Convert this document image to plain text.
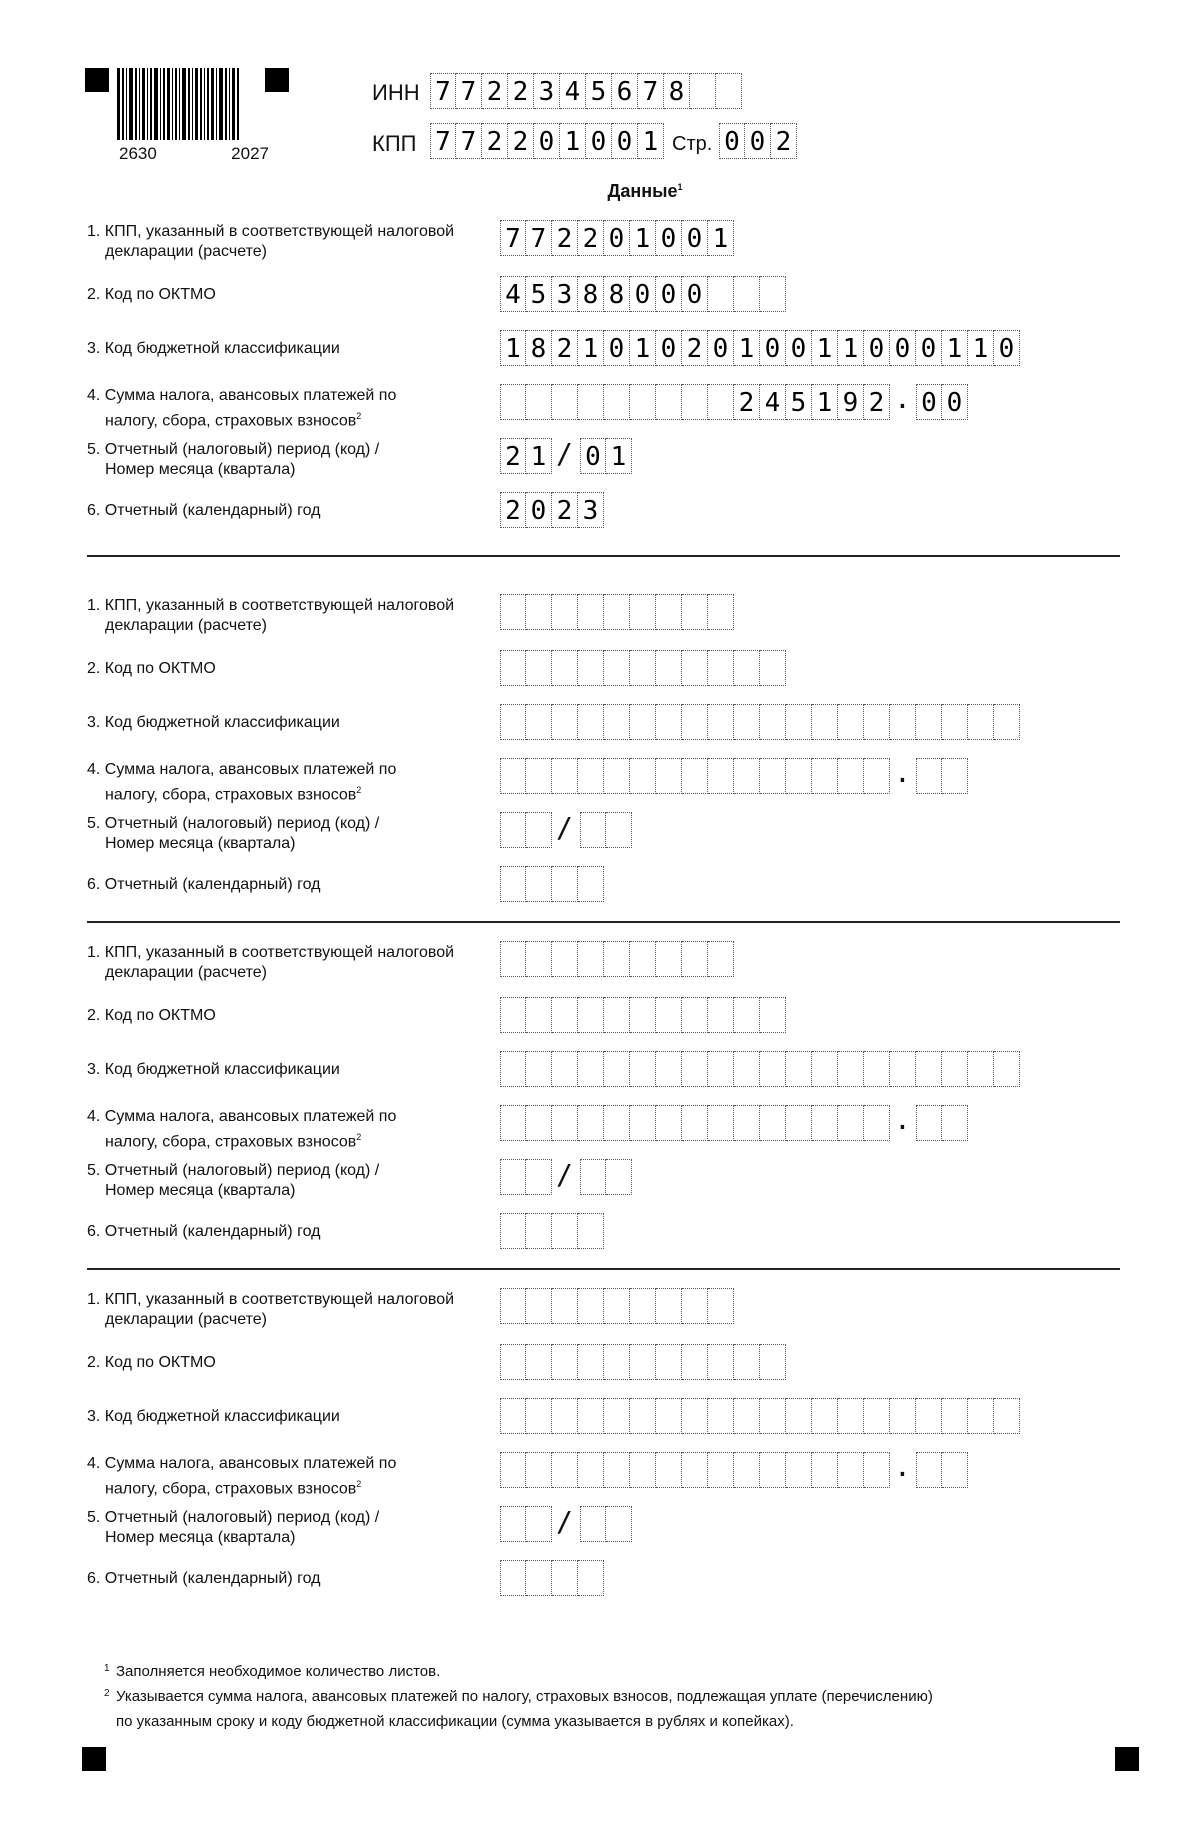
2630	2027
ИНН 7 7 2 2 3 4 5 6 7 8
КПП 7 7 2 2 0 1 0 0 1 Стр. 0 0 2
Данные$^1$
1. КПП, указанный в соответствующей налоговой
декларации (расчете)
2. Код по ОКТМО
3. Код бюджетной классификации
4. Сумма налога, авансовых платежей по
налогу, сбора, страховых взносов$^2$
5. Отчетный (налоговый) период (код) /
Номер месяца (квартала)
6. Отчетный (календарный) год
7 7 2 2 0 1 0 0 1
4 5 3 8 8 0 0 0
1 8 2 1 0 1 0 2 0 1 0 0 1 1 0 0 0 1 1 0
2 4 5 1 9 2 . 0 0
2 1 / 0 1
2 0 2 3
1. КПП, указанный в соответствующей налоговой
декларации (расчете)
2. Код по ОКТМО
3. Код бюджетной классификации
4. Сумма налога, авансовых платежей по
налогу, сбора, страховых взносов$^2$
5. Отчетный (налоговый) период (код) /
Номер месяца (квартала)
6. Отчетный (календарный) год
.
/
1. КПП, указанный в соответствующей налоговой
декларации (расчете)
2. Код по ОКТМО
3. Код бюджетной классификации
4. Сумма налога, авансовых платежей по
налогу, сбора, страховых взносов$^2$
5. Отчетный (налоговый) период (код) /
Номер месяца (квартала)
6. Отчетный (календарный) год
.
/
1. КПП, указанный в соответствующей налоговой
декларации (расчете)
2. Код по ОКТМО
3. Код бюджетной классификации
4. Сумма налога, авансовых платежей по
налогу, сбора, страховых взносов$^2$
5. Отчетный (налоговый) период (код) /
Номер месяца (квартала)
6. Отчетный (календарный) год
.
/
1 Заполняется необходимое количество листов.
2 Указывается сумма налога, авансовых платежей по налогу, страховых взносов, подлежащая уплате (перечислению)
по указанным сроку и коду бюджетной классификации (сумма указывается в рублях и копейках).
